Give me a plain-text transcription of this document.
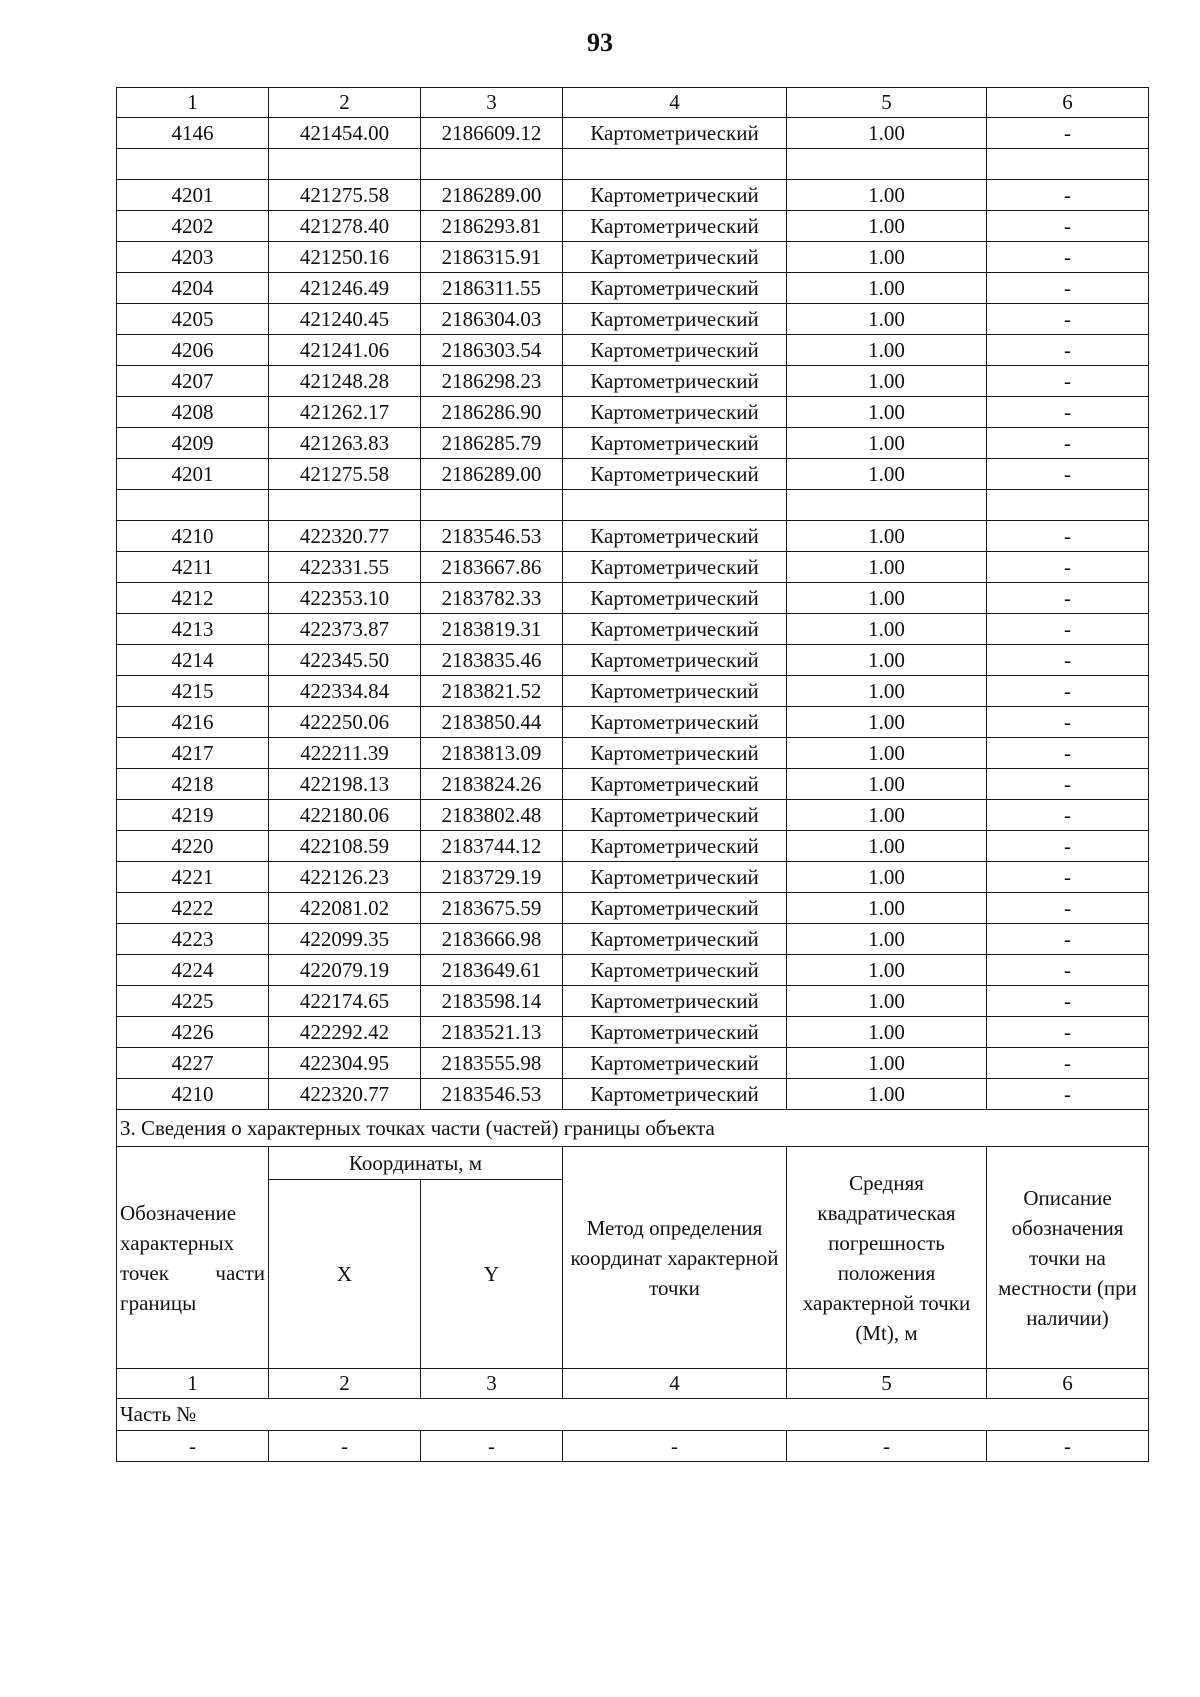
93
1	2	3	4	5	6
4146	421454.00	2186609.12	Картометрический	1.00	-

4201	421275.58	2186289.00	Картометрический	1.00	-
4202	421278.40	2186293.81	Картометрический	1.00	-
4203	421250.16	2186315.91	Картометрический	1.00	-
4204	421246.49	2186311.55	Картометрический	1.00	-
4205	421240.45	2186304.03	Картометрический	1.00	-
4206	421241.06	2186303.54	Картометрический	1.00	-
4207	421248.28	2186298.23	Картометрический	1.00	-
4208	421262.17	2186286.90	Картометрический	1.00	-
4209	421263.83	2186285.79	Картометрический	1.00	-
4201	421275.58	2186289.00	Картометрический	1.00	-

4210	422320.77	2183546.53	Картометрический	1.00	-
4211	422331.55	2183667.86	Картометрический	1.00	-
4212	422353.10	2183782.33	Картометрический	1.00	-
4213	422373.87	2183819.31	Картометрический	1.00	-
4214	422345.50	2183835.46	Картометрический	1.00	-
4215	422334.84	2183821.52	Картометрический	1.00	-
4216	422250.06	2183850.44	Картометрический	1.00	-
4217	422211.39	2183813.09	Картометрический	1.00	-
4218	422198.13	2183824.26	Картометрический	1.00	-
4219	422180.06	2183802.48	Картометрический	1.00	-
4220	422108.59	2183744.12	Картометрический	1.00	-
4221	422126.23	2183729.19	Картометрический	1.00	-
4222	422081.02	2183675.59	Картометрический	1.00	-
4223	422099.35	2183666.98	Картометрический	1.00	-
4224	422079.19	2183649.61	Картометрический	1.00	-
4225	422174.65	2183598.14	Картометрический	1.00	-
4226	422292.42	2183521.13	Картометрический	1.00	-
4227	422304.95	2183555.98	Картометрический	1.00	-
4210	422320.77	2183546.53	Картометрический	1.00	-
3. Сведения о характерных точках части (частей) границы объекта					
Обозначение характерных точек части границы	Координаты, м		Метод определения координат характерной точки	Средняя квадратическая погрешность положения характерной точки (Mt), м	Описание обозначения точки на местности (при наличии)
	X	Y			
1	2	3	4	5	6
Часть №					
-	-	-	-	-	-
